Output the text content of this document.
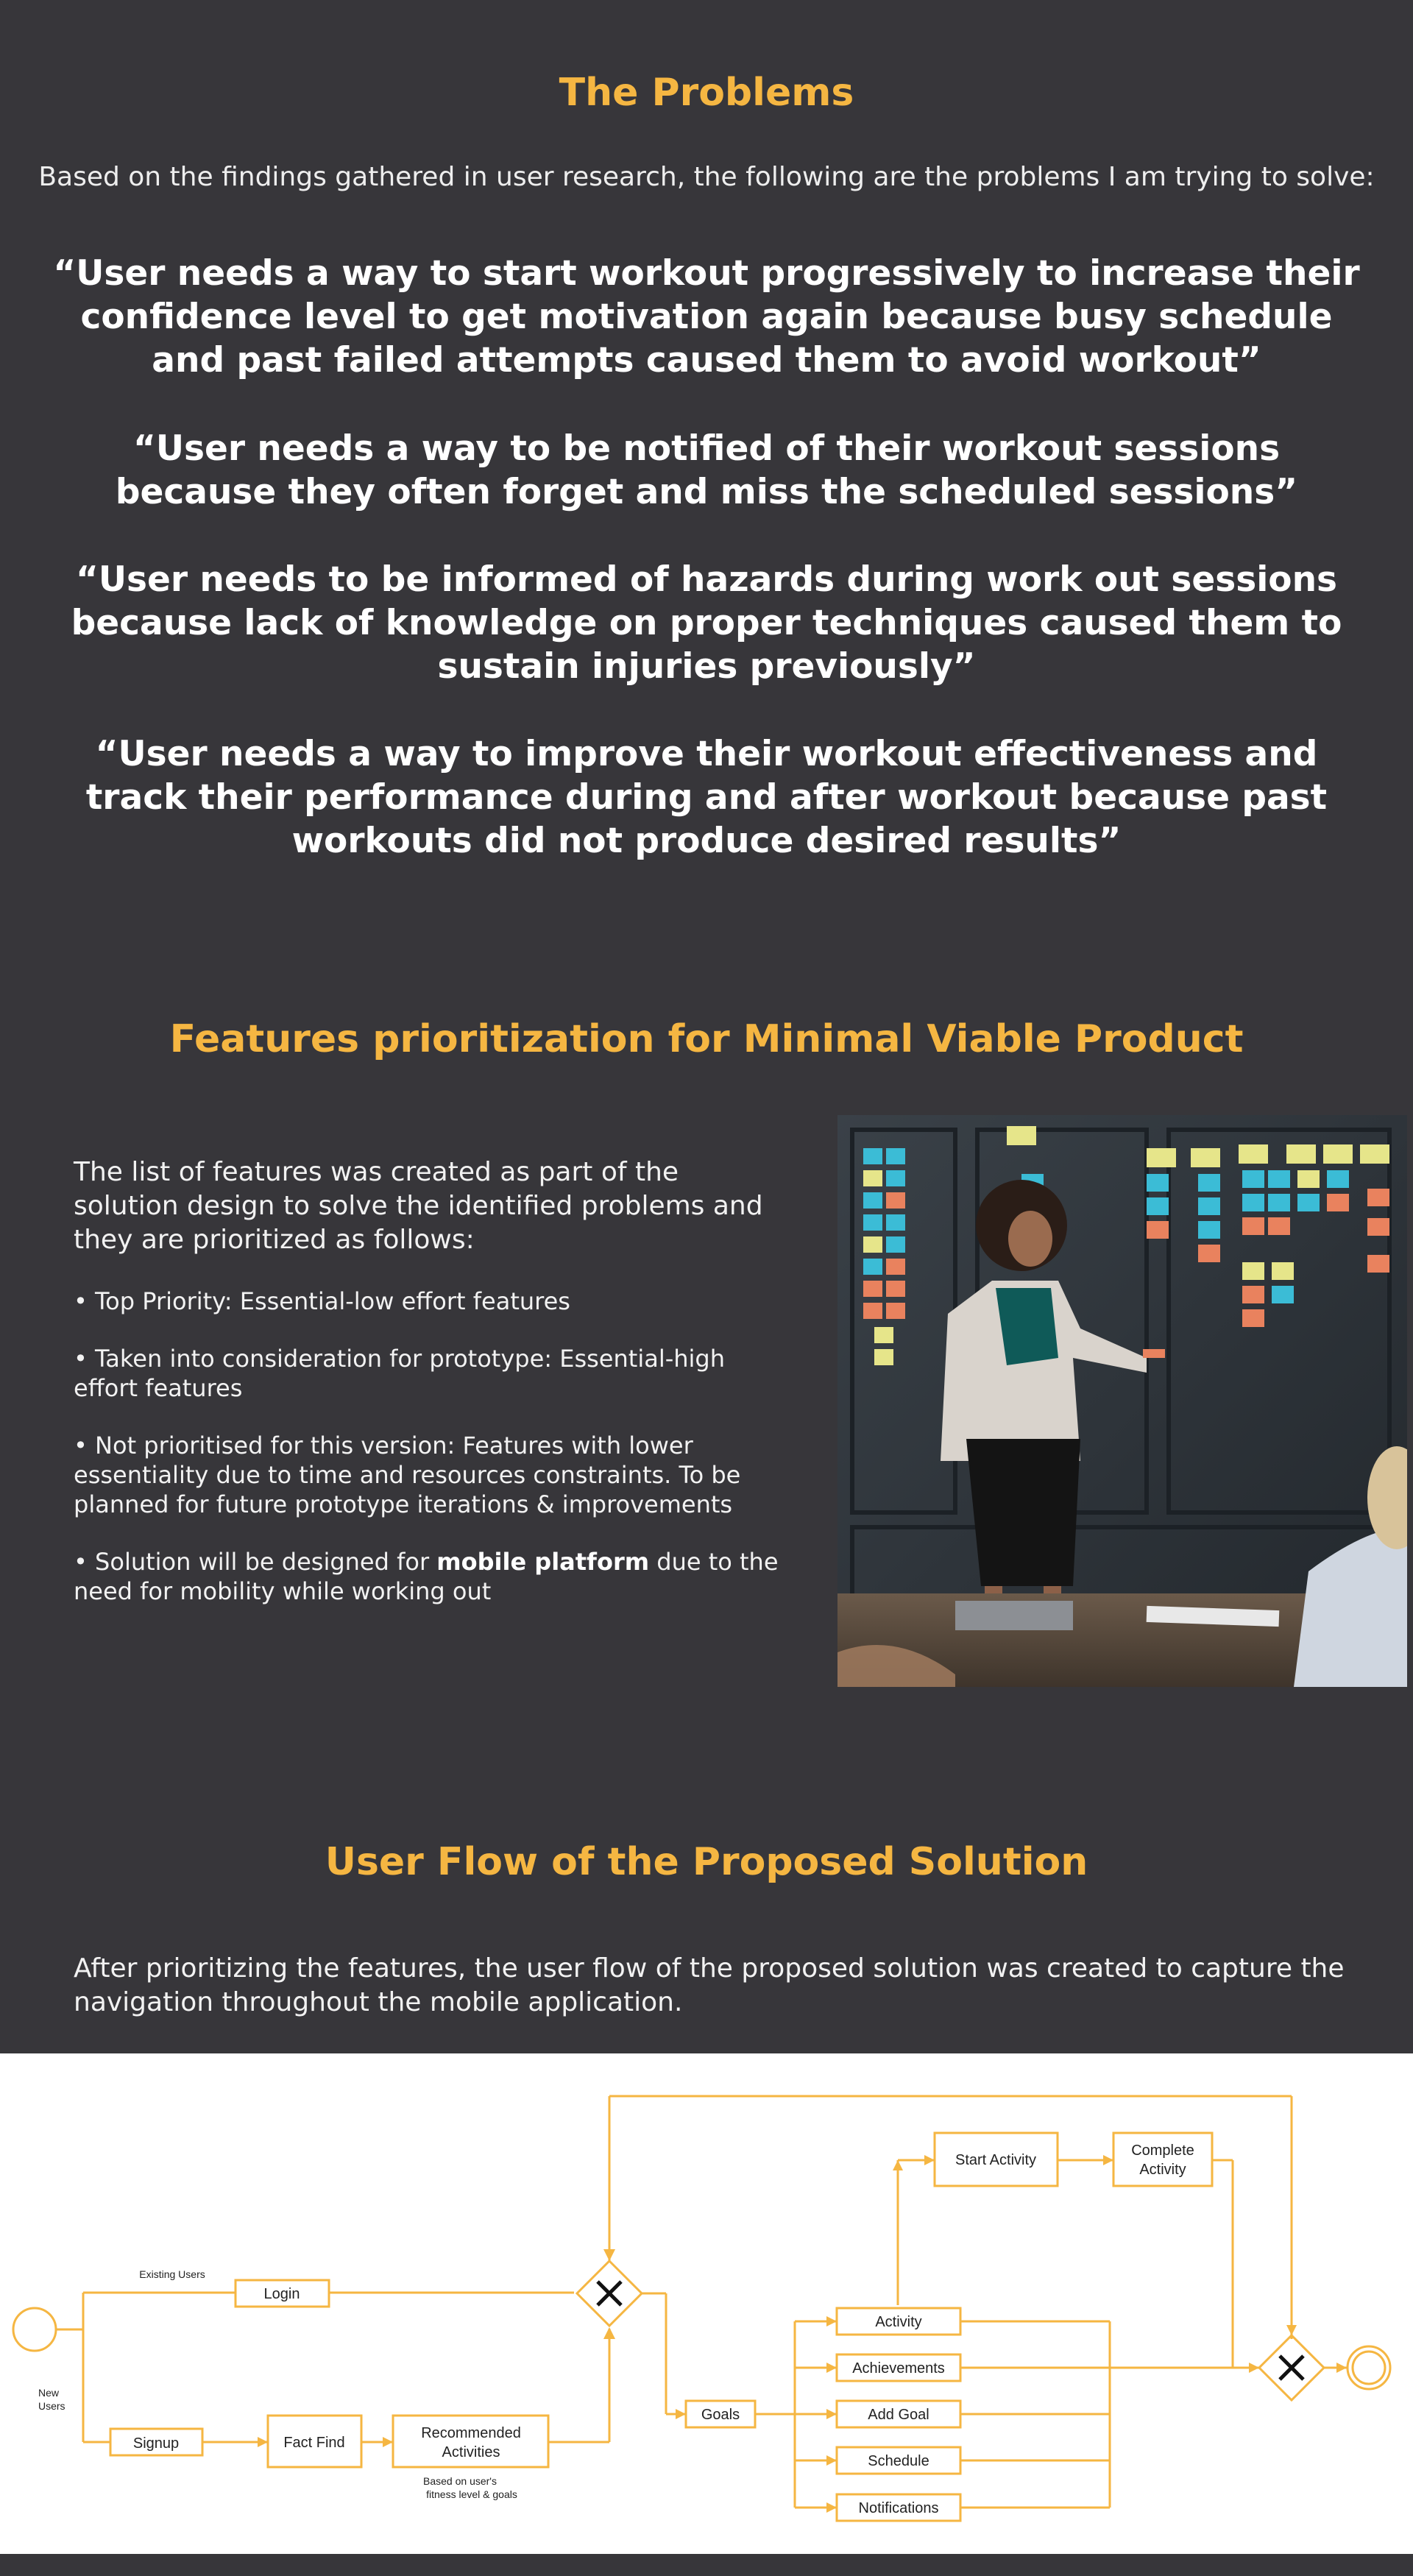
The Problems

Based on the findings gathered in user research, the following are the problems I am trying to solve:

“User needs a way to start workout progressively to increase their confidence level to get motivation again because busy schedule and past failed attempts caused them to avoid workout”

“User needs a way to be notified of their workout sessions because they often forget and miss the scheduled sessions”

“User needs to be informed of hazards during work out sessions because lack of knowledge on proper techniques caused them to sustain injuries previously”

“User needs a way to improve their workout effectiveness and track their performance during and after workout because past workouts did not produce desired results”

Features prioritization for Minimal Viable Product

The list of features was created as part of the solution design to solve the identified problems and they are prioritized as follows:

• Top Priority: Essential-low effort features

• Taken into consideration for prototype: Essential-high effort features

• Not prioritised for this version: Features with lower essentiality due to time and resources constraints. To be planned for future prototype iterations & improvements

• Solution will be designed for mobile platform due to the need for mobility while working out

User Flow of the Proposed Solution

After prioritizing the features, the user flow of the proposed solution was created to capture the navigation throughout the mobile application.

Login
Signup	Fact Find
Recommended
Activities
Goals
Activity
Achievements
Add Goal
Schedule
Notifications
Start Activity
Complete
Activity
Existing Users
Based on user's
fitness level & goals
New Users
